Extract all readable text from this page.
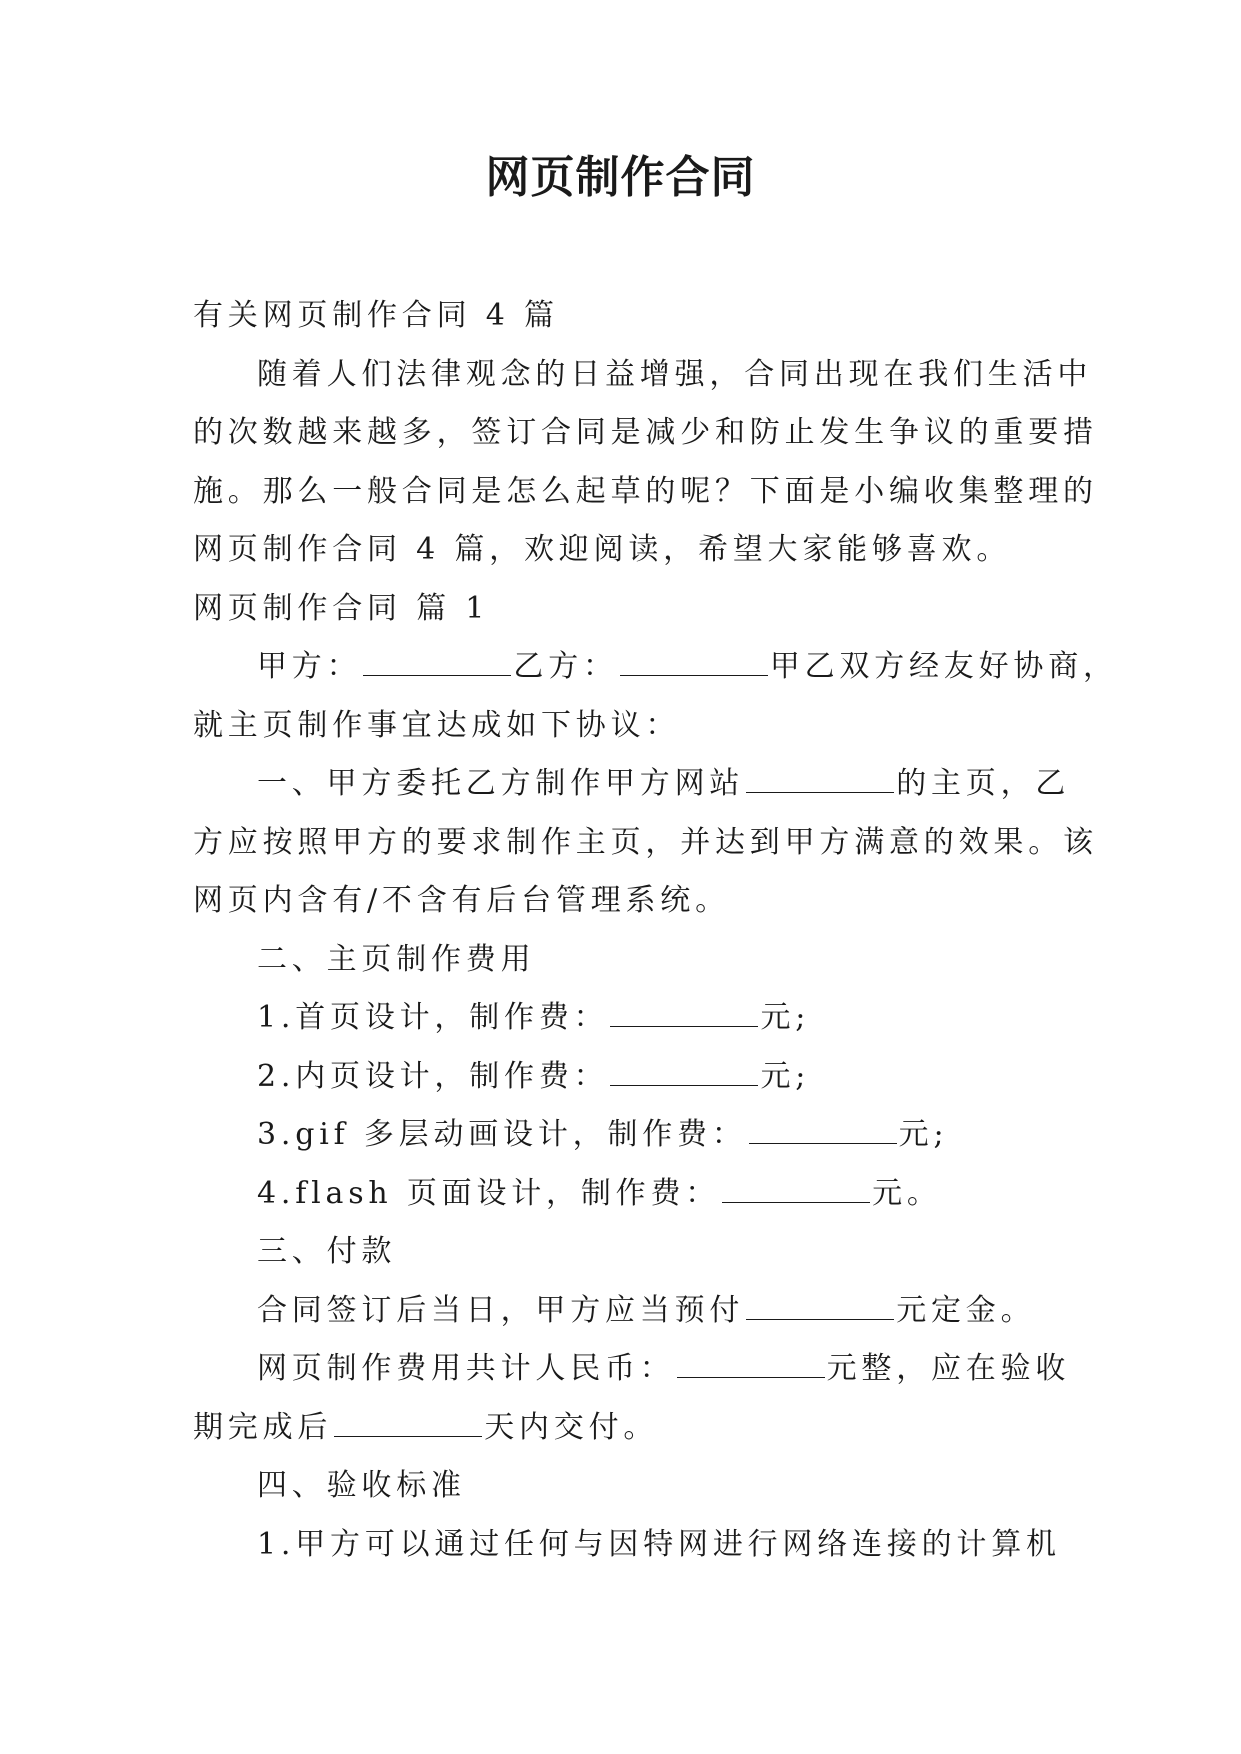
网页制作合同

有关网页制作合同 4 篇

随着人们法律观念的日益增强，合同出现在我们生活中

的次数越来越多，签订合同是减少和防止发生争议的重要措

施。那么一般合同是怎么起草的呢？下面是小编收集整理的

网页制作合同 4 篇，欢迎阅读，希望大家能够喜欢。

网页制作合同 篇 1

甲方：	乙方：	甲乙双方经友好协商，

就主页制作事宜达成如下协议：

一、甲方委托乙方制作甲方网站	的主页，乙

方应按照甲方的要求制作主页，并达到甲方满意的效果。该

网页内含有/不含有后台管理系统。

二、主页制作费用

1.首页设计，制作费：	元;

2.内页设计，制作费：	元;

3.gif 多层动画设计，制作费：	元;

4.flash 页面设计，制作费：	元。

三、付款

合同签订后当日，甲方应当预付	元定金。

网页制作费用共计人民币：	元整，应在验收

期完成后	天内交付。

四、验收标准

1.甲方可以通过任何与因特网进行网络连接的计算机
